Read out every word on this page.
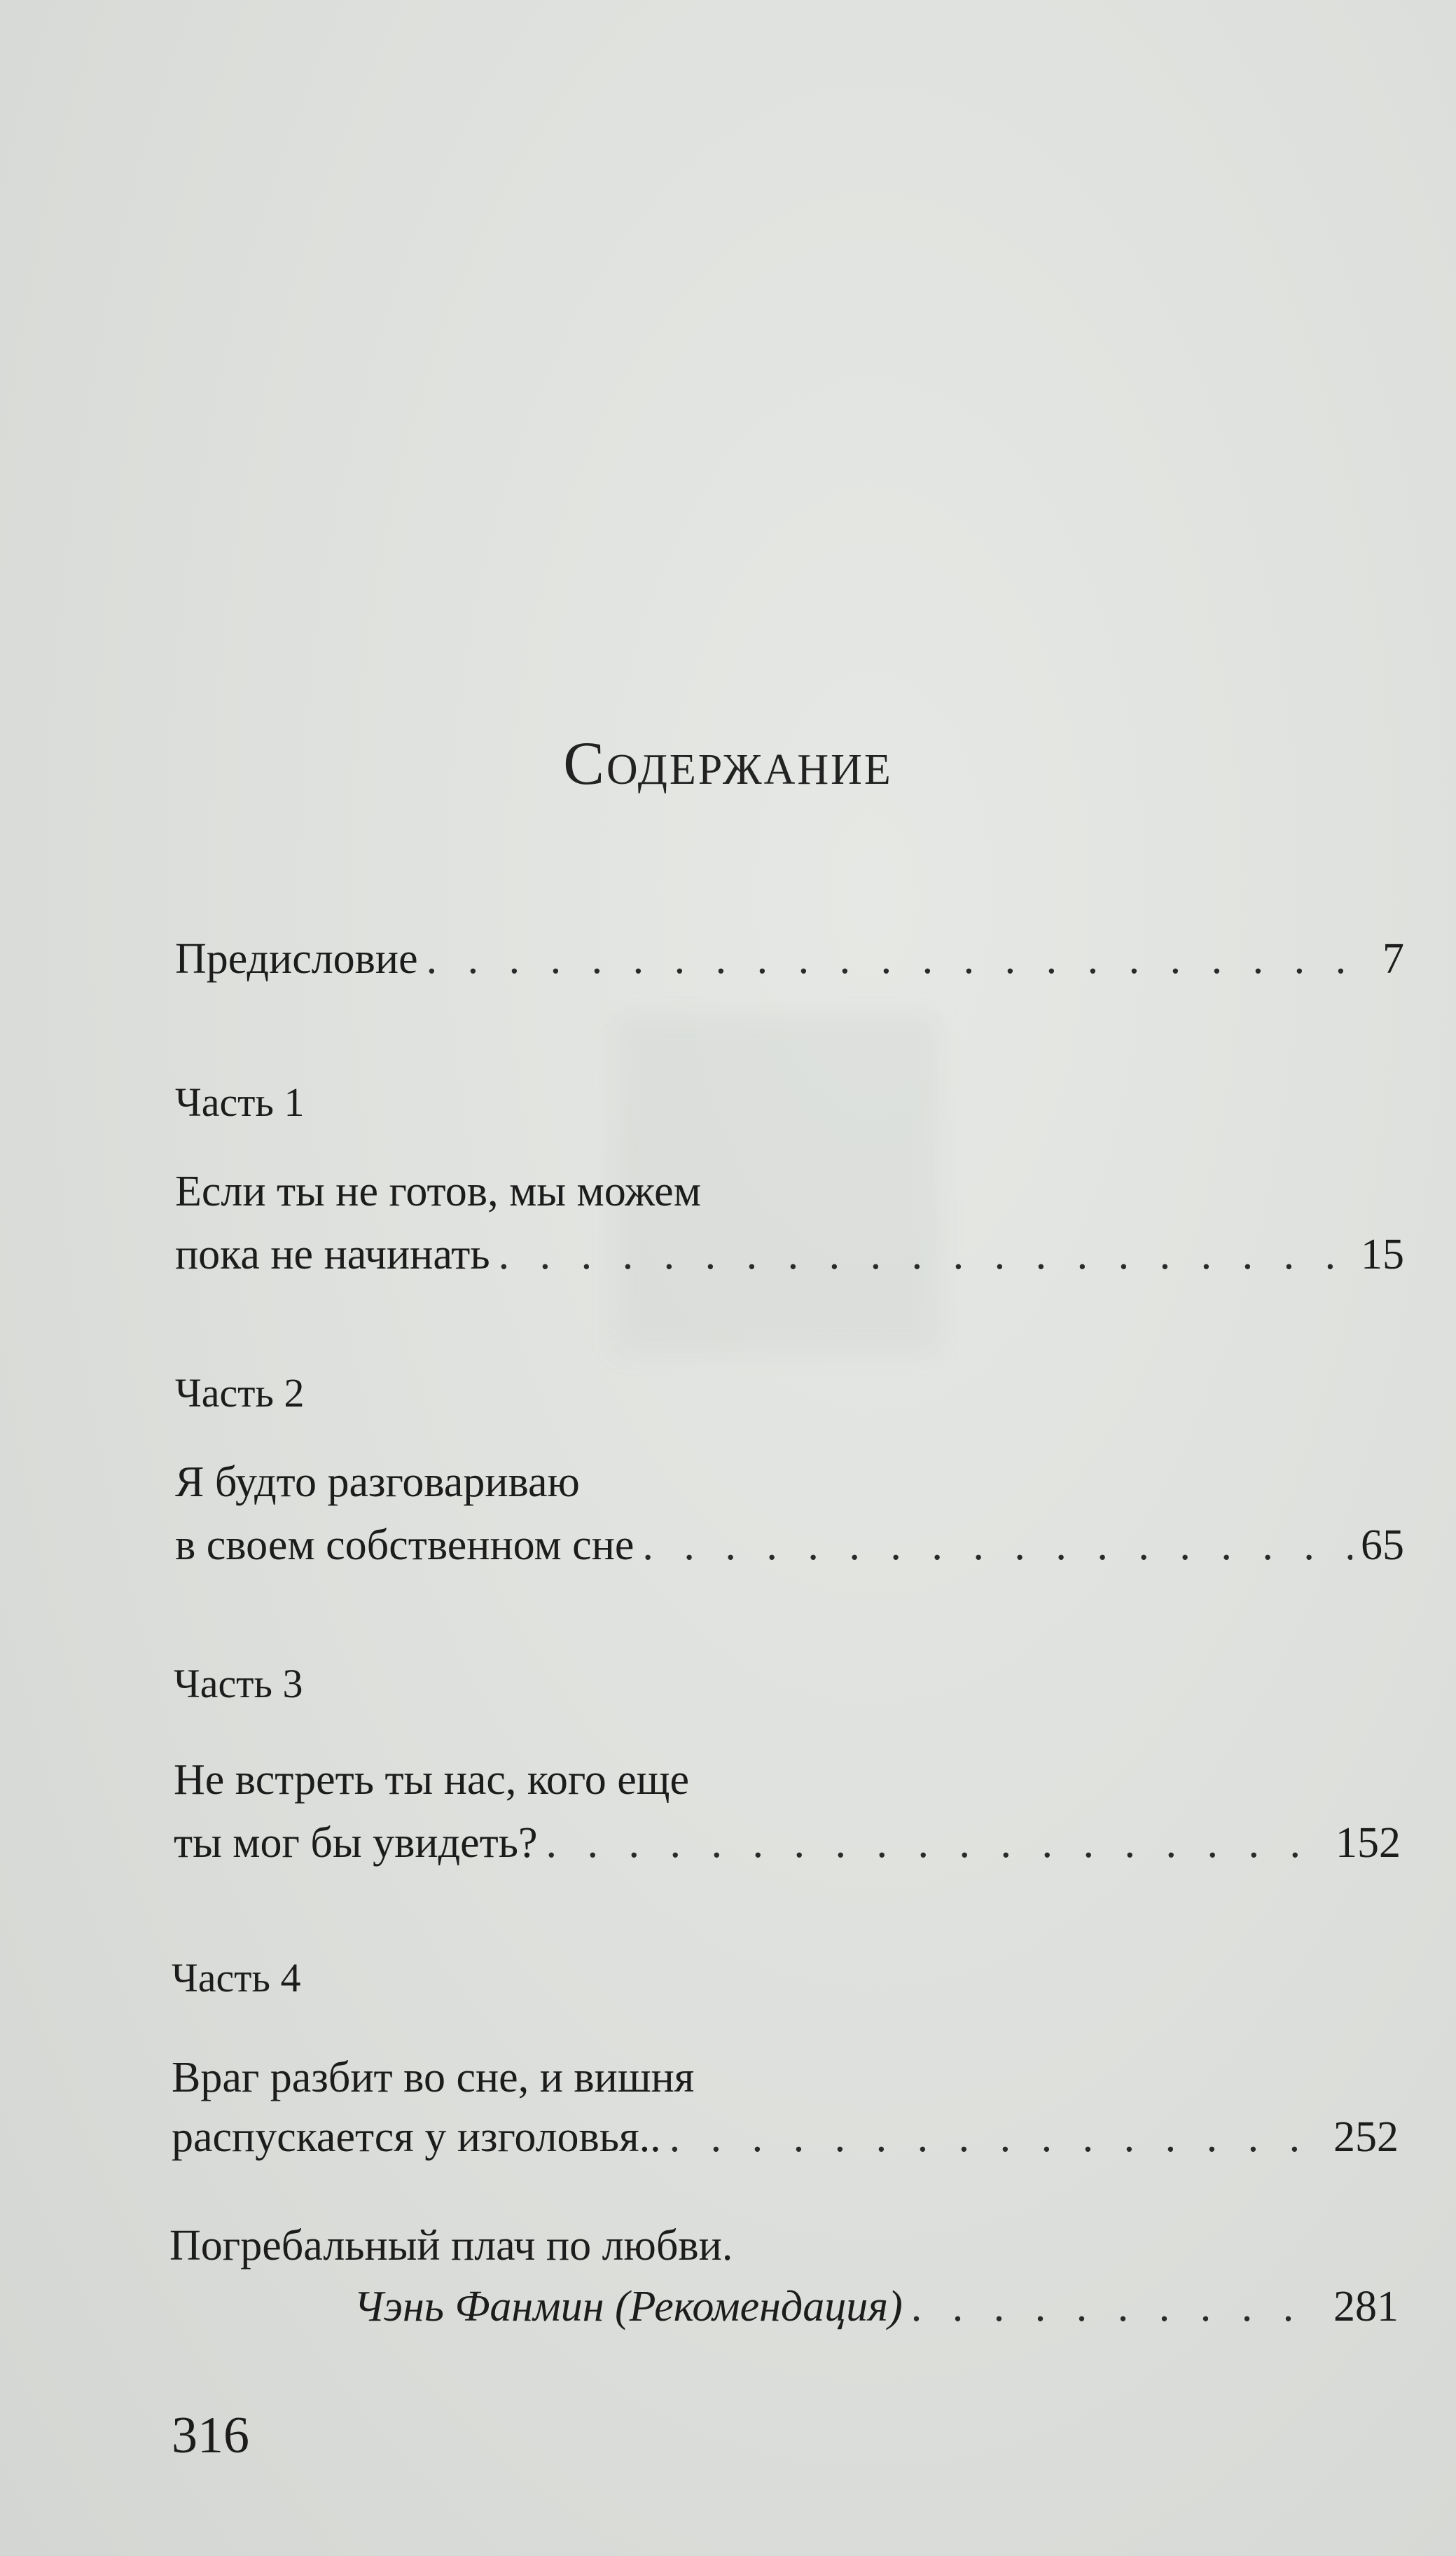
Содержание
Предисловие . . .	7
Часть 1
Если ты не готов, мы можем
пока не начинать . . .	15
Часть 2
Я будто разговариваю
в своем собственном сне . . .	65
Часть 3
Не встреть ты нас, кого еще
ты мог бы увидеть? . . .	152
Часть 4
Враг разбит во сне, и вишня
распускается у изголовья.. . . .	252
Погребальный плач по любви.
Чэнь Фанмин (Рекомендация) . . .	281
316
